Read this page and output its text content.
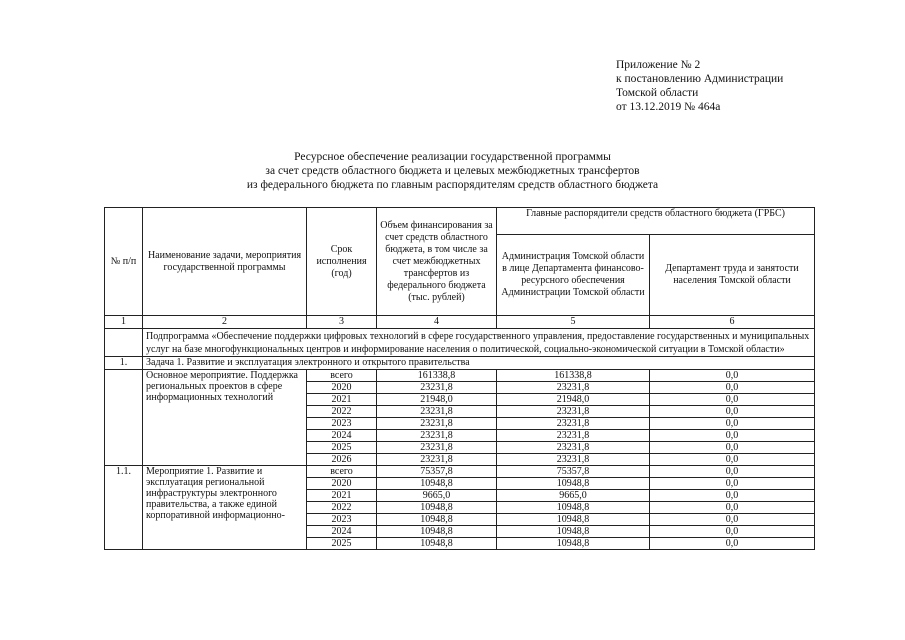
Приложение № 2
к постановлению Администрации
Томской области
от 13.12.2019 № 464а
Ресурсное обеспечение реализации государственной программы
за счет средств областного бюджета и целевых межбюджетных трансфертов
из федерального бюджета по главным распорядителям средств областного бюджета
№ п/п	Наименование задачи, мероприятия государственной программы	Срок исполнения (год)	Объем финансирования за счет средств областного бюджета, в том числе за счет межбюджетных трансфертов из федерального бюджета (тыс. рублей)	Главные распорядители средств областного бюджета (ГРБС)	
				Администрация Томской области в лице Департамента финансово-ресурсного обеспечения Администрации Томской области	Департамент труда и занятости населения Томской области
1	2	3	4	5	6
	Подпрограмма «Обеспечение поддержки цифровых технологий в сфере государственного управления, предоставление государственных и муниципальных услуг на базе многофункциональных центров и информирование населения о политической, социально-экономической ситуации в Томской области»				
1.	Задача 1. Развитие и эксплуатация электронного и открытого правительства				
	Основное мероприятие. Поддержка региональных проектов в сфере информационных технологий	всего	161338,8	161338,8	0,0
		2020	23231,8	23231,8	0,0
		2021	21948,0	21948,0	0,0
		2022	23231,8	23231,8	0,0
		2023	23231,8	23231,8	0,0
		2024	23231,8	23231,8	0,0
		2025	23231,8	23231,8	0,0
		2026	23231,8	23231,8	0,0
1.1.	Мероприятие 1. Развитие и эксплуатация региональной инфраструктуры электронного правительства, а также единой корпоративной информационно-	всего	75357,8	75357,8	0,0
		2020	10948,8	10948,8	0,0
		2021	9665,0	9665,0	0,0
		2022	10948,8	10948,8	0,0
		2023	10948,8	10948,8	0,0
		2024	10948,8	10948,8	0,0
		2025	10948,8	10948,8	0,0
